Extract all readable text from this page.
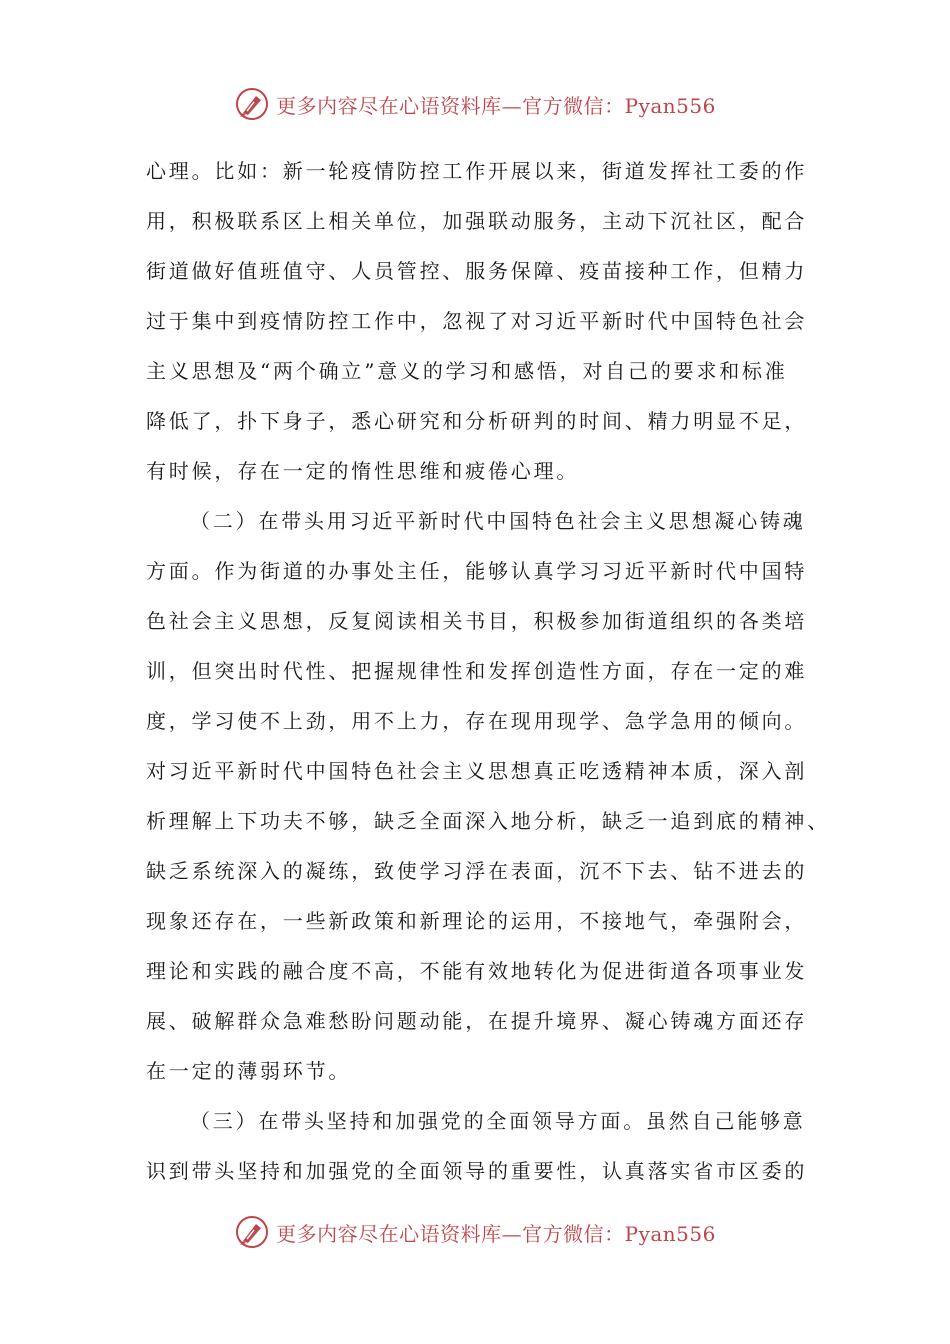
更多内容尽在心语资料库—官方微信：Pyan556
心理。比如：新一轮疫情防控工作开展以来，街道发挥社工委的作
用，积极联系区上相关单位，加强联动服务，主动下沉社区，配合
街道做好值班值守、人员管控、服务保障、疫苗接种工作，但精力
过于集中到疫情防控工作中，忽视了对习近平新时代中国特色社会
主义思想及“两个确立”意义的学习和感悟，对自己的要求和标准
降低了，扑下身子，悉心研究和分析研判的时间、精力明显不足，
有时候，存在一定的惰性思维和疲倦心理。
（二）在带头用习近平新时代中国特色社会主义思想凝心铸魂
方面。作为街道的办事处主任，能够认真学习习近平新时代中国特
色社会主义思想，反复阅读相关书目，积极参加街道组织的各类培
训，但突出时代性、把握规律性和发挥创造性方面，存在一定的难
度，学习使不上劲，用不上力，存在现用现学、急学急用的倾向。
对习近平新时代中国特色社会主义思想真正吃透精神本质，深入剖
析理解上下功夫不够，缺乏全面深入地分析，缺乏一追到底的精神、
缺乏系统深入的凝练，致使学习浮在表面，沉不下去、钻不进去的
现象还存在，一些新政策和新理论的运用，不接地气，牵强附会，
理论和实践的融合度不高，不能有效地转化为促进街道各项事业发
展、破解群众急难愁盼问题动能，在提升境界、凝心铸魂方面还存
在一定的薄弱环节。
（三）在带头坚持和加强党的全面领导方面。虽然自己能够意
识到带头坚持和加强党的全面领导的重要性，认真落实省市区委的
更多内容尽在心语资料库—官方微信：Pyan556
